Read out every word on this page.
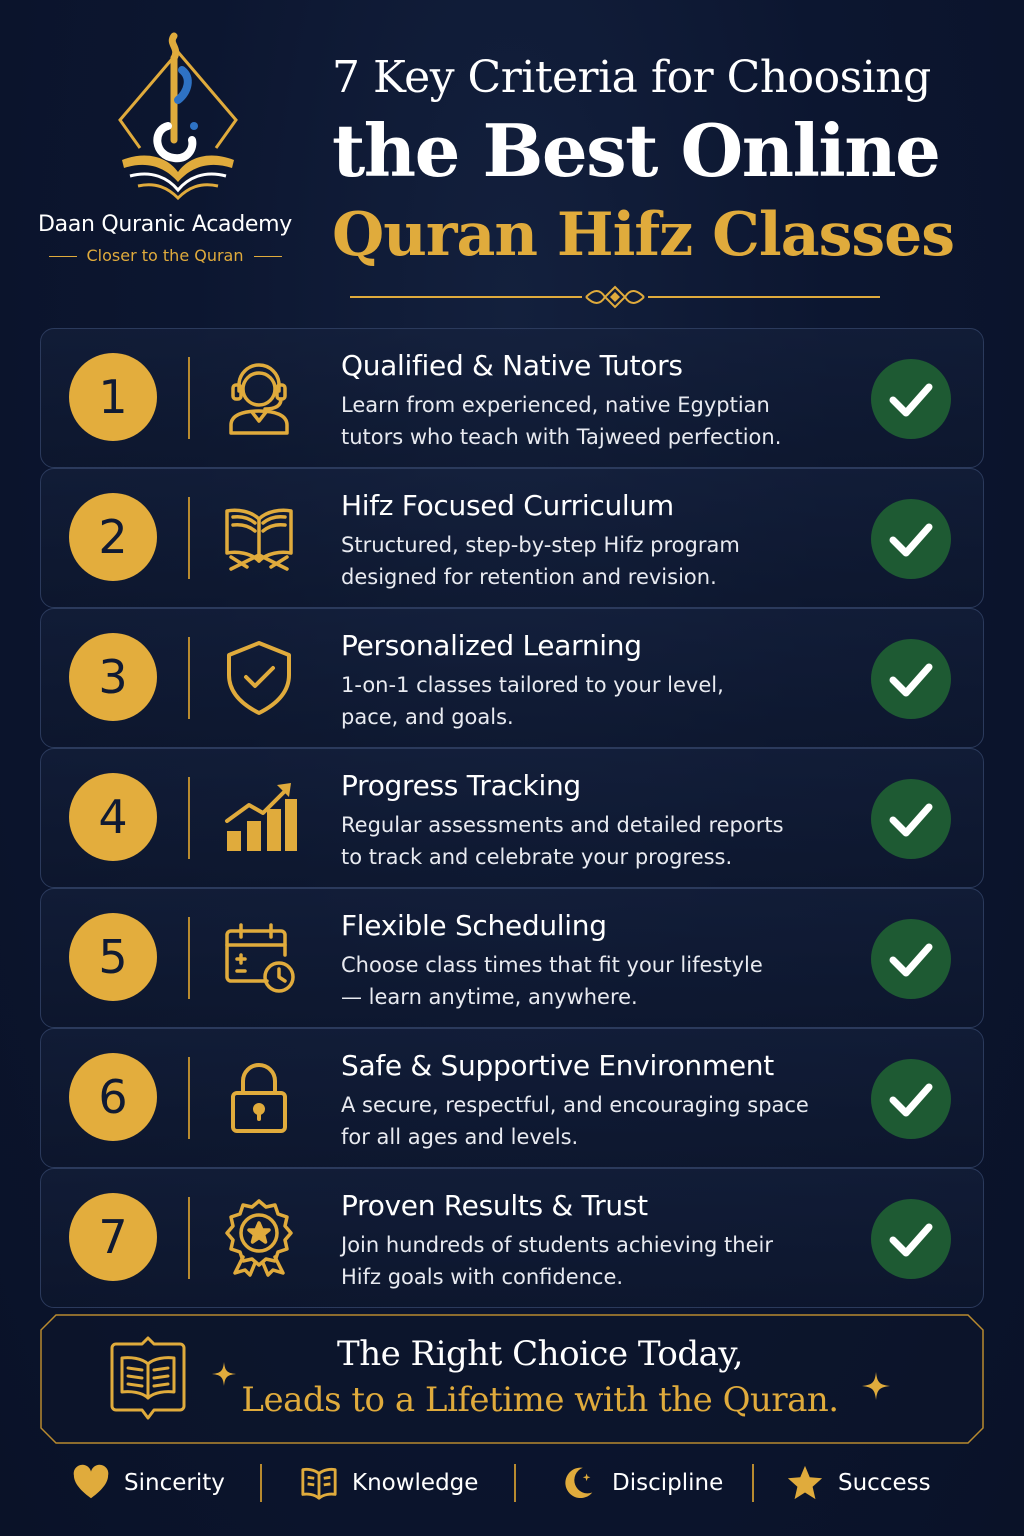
Daan Quranic Academy
Closer to the Quran
7 Key Criteria for Choosing
the Best Online
Quran Hifz Classes
1
Qualified & Native Tutors
Learn from experienced, native Egyptian
tutors who teach with Tajweed perfection.
2
Hifz Focused Curriculum
Structured, step-by-step Hifz program
designed for retention and revision.
3
Personalized Learning
1-on-1 classes tailored to your level,
pace, and goals.
4
Progress Tracking
Regular assessments and detailed reports
to track and celebrate your progress.
5
Flexible Scheduling
Choose class times that fit your lifestyle
— learn anytime, anywhere.
6
Safe & Supportive Environment
A secure, respectful, and encouraging space
for all ages and levels.
7
Proven Results & Trust
Join hundreds of students achieving their
Hifz goals with confidence.
The Right Choice Today,
Leads to a Lifetime with the Quran.
Sincerity	Knowledge	Discipline	Success
